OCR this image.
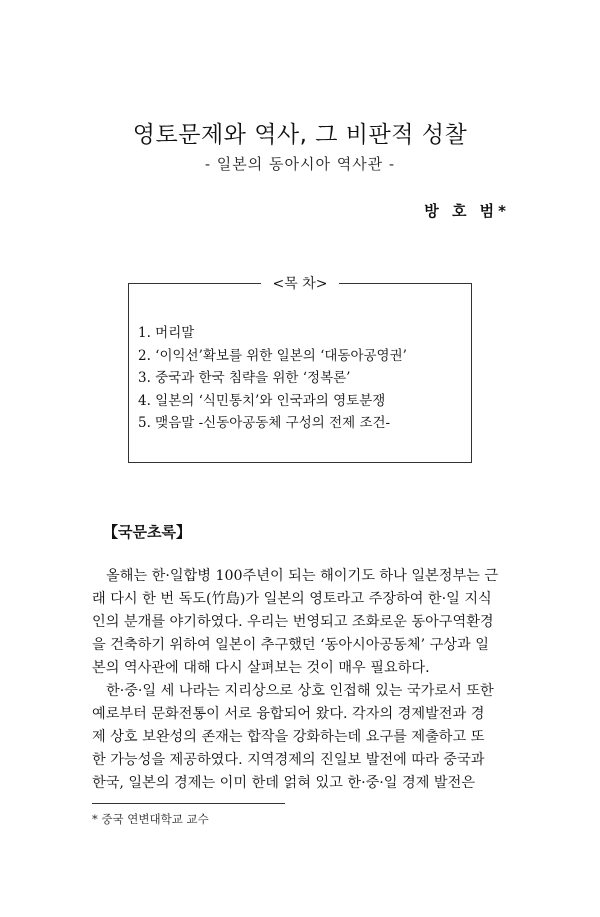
영토문제와 역사, 그 비판적 성찰
- 일본의 동아시아 역사관 -
방 호 범*
<목 차>
1. 머리말
2. ‘이익선’확보를 위한 일본의 ‘대동아공영권’
3. 중국과 한국 침략을 위한 ‘정복론’
4. 일본의 ‘식민통치’와 인국과의 영토분쟁
5. 맺음말 -신동아공동체 구성의 전제 조건-
【국문초록】

올해는 한·일합병 100주년이 되는 해이기도 하나 일본정부는 근

래 다시 한 번 독도(竹島)가 일본의 영토라고 주장하여 한·일 지식

인의 분개를 야기하였다. 우리는 번영되고 조화로운 동아구역환경

을 건축하기 위하여 일본이 추구했던 ‘동아시아공동체’ 구상과 일

본의 역사관에 대해 다시 살펴보는 것이 매우 필요하다.

한·중·일 세 나라는 지리상으로 상호 인접해 있는 국가로서 또한

예로부터 문화전통이 서로 융합되어 왔다. 각자의 경제발전과 경

제 상호 보완성의 존재는 합작을 강화하는데 요구를 제출하고 또

한 가능성을 제공하였다. 지역경제의 진일보 발전에 따라 중국과

한국, 일본의 경제는 이미 한데 얽혀 있고 한·중·일 경제 발전은

* 중국 연변대학교 교수
